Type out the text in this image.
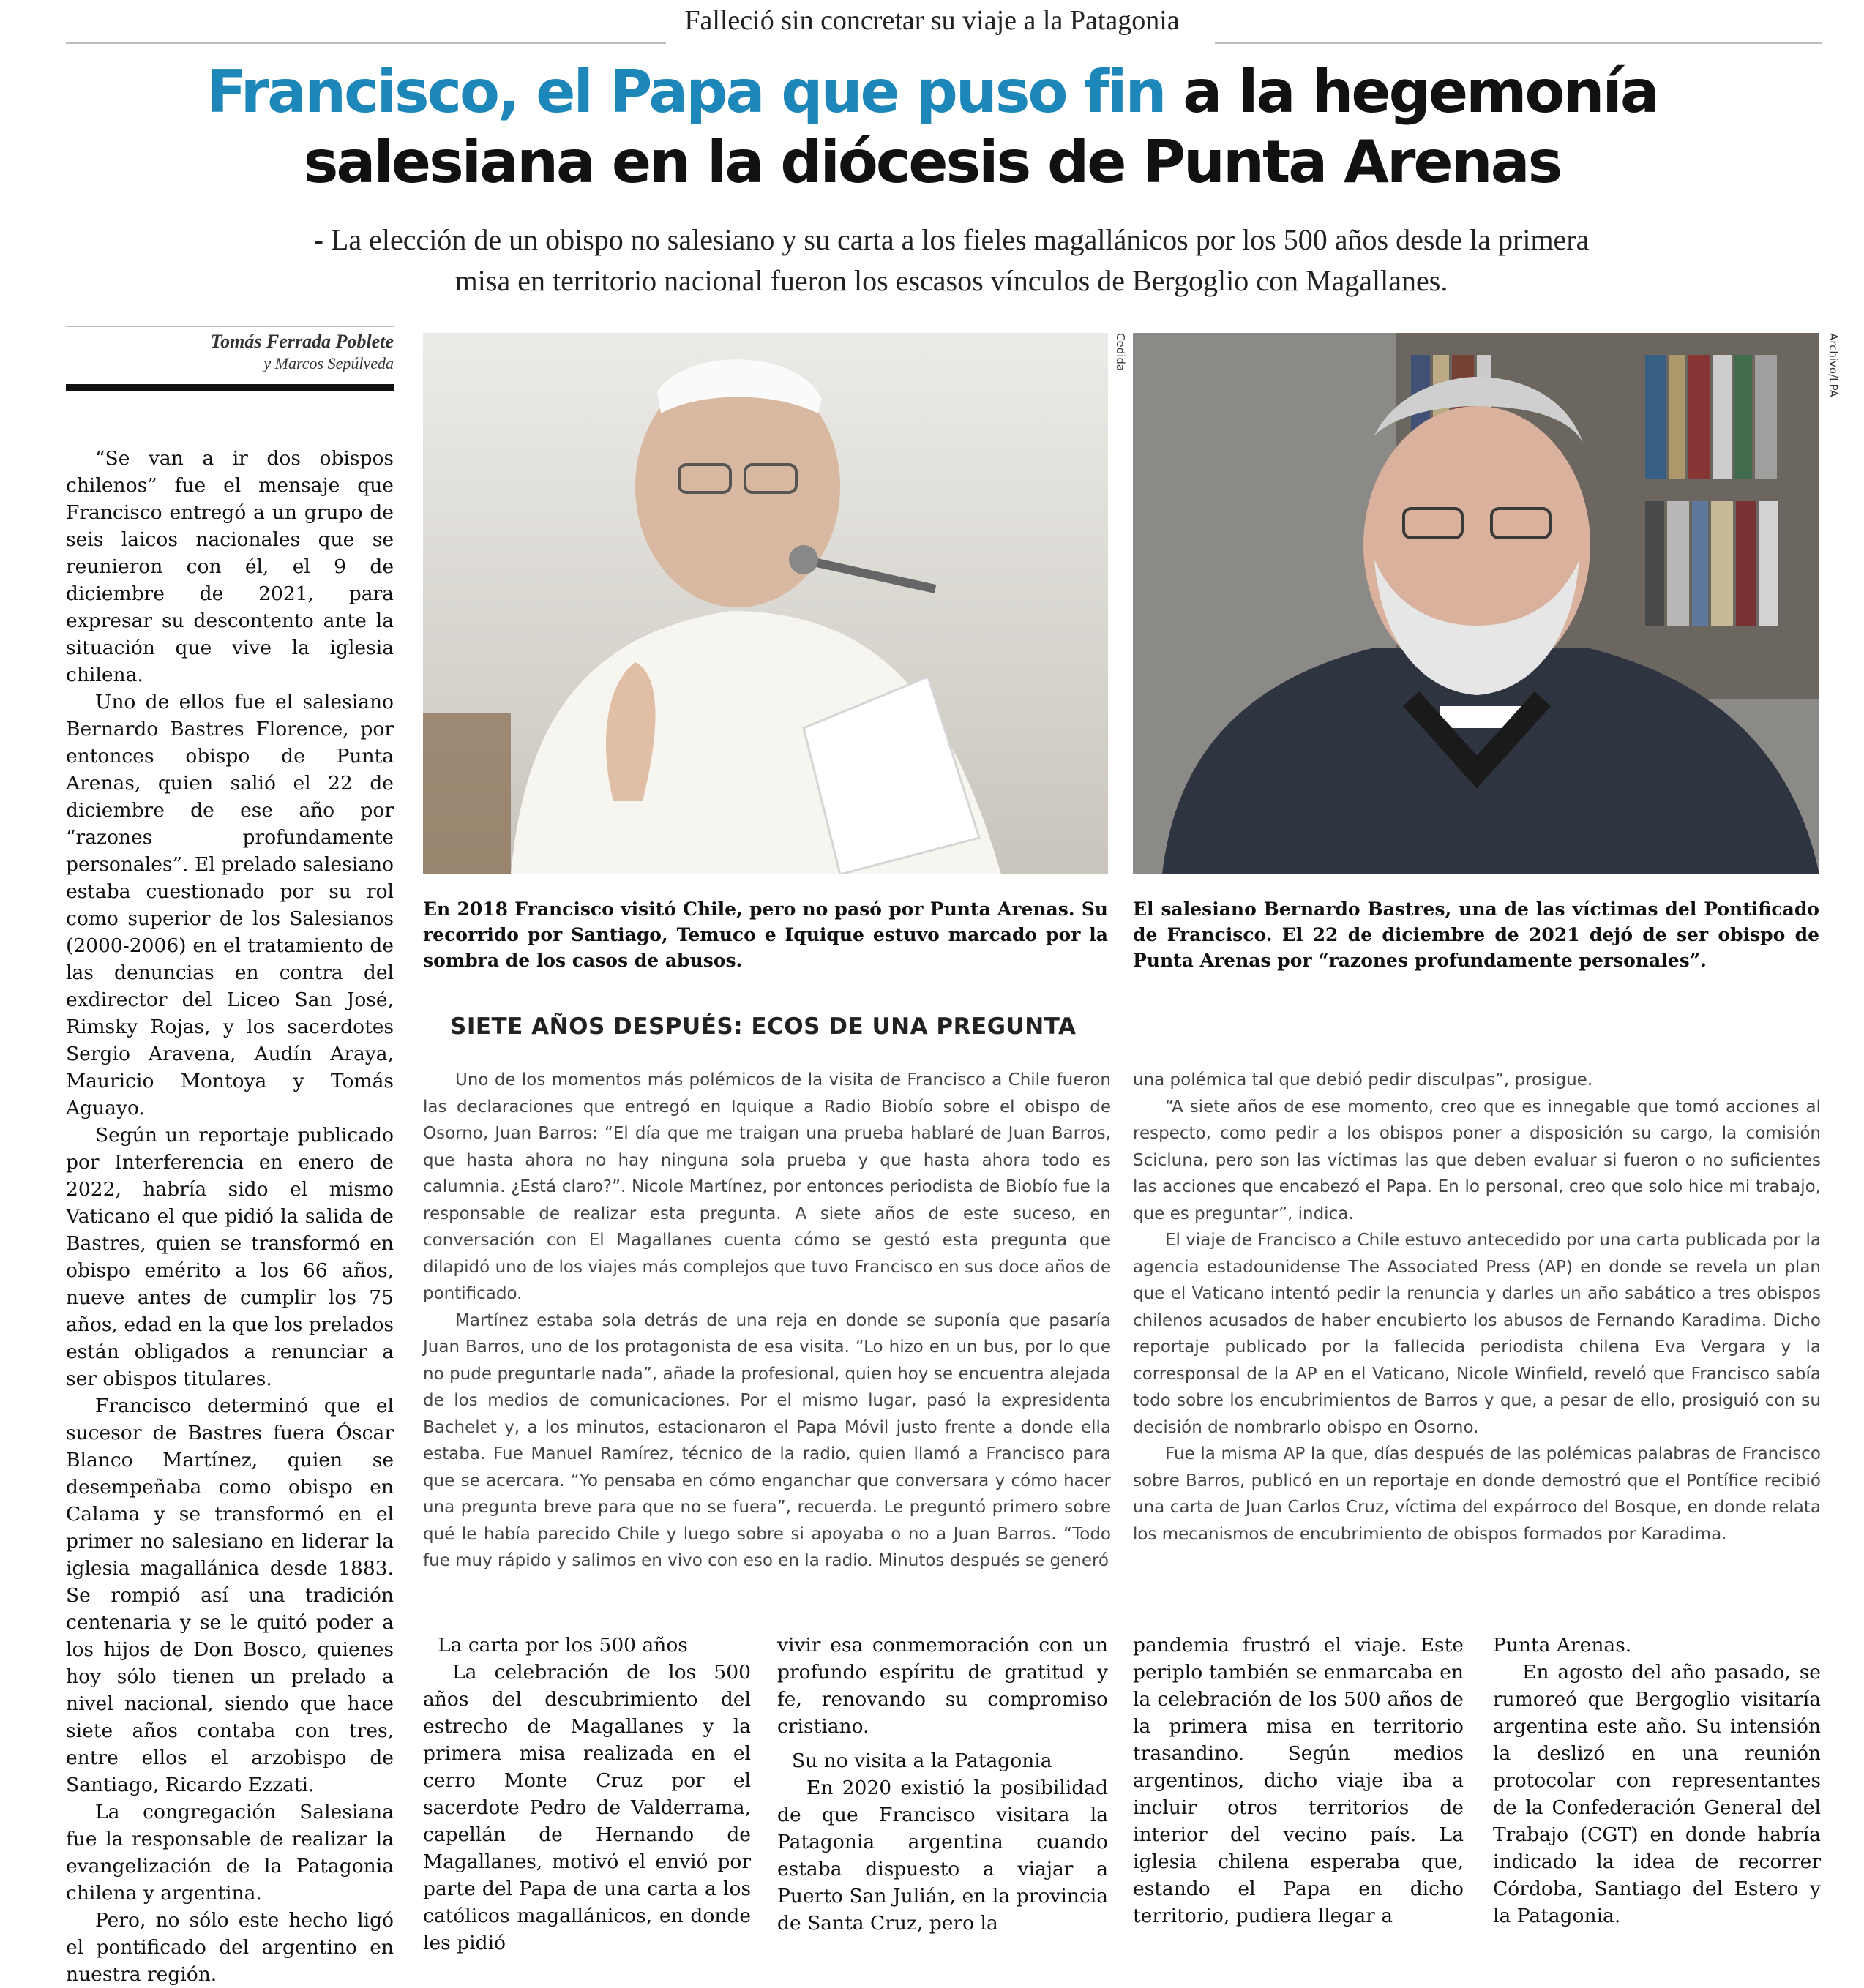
Falleció sin concretar su viaje a la Patagonia
Francisco, el Papa que puso fin a la hegemonía
salesiana en la diócesis de Punta Arenas
- La elección de un obispo no salesiano y su carta a los fieles magallánicos por los 500 años desde la primera misa en territorio nacional fueron los escasos vínculos de Bergoglio con Magallanes.
Tomás Ferrada Poblete
y Marcos Sepúlveda

“Se van a ir dos obispos chilenos” fue el mensaje que Francisco entregó a un grupo de seis laicos nacionales que se reunieron con él, el 9 de diciembre de 2021, para expresar su descontento ante la situación que vive la iglesia chilena.

Uno de ellos fue el salesiano Bernardo Bastres Florence, por entonces obispo de Punta Arenas, quien salió el 22 de diciembre de ese año por “razones profundamente personales”. El prelado salesiano estaba cuestionado por su rol como superior de los Salesianos (2000-2006) en el tratamiento de las denuncias en contra del exdirector del Liceo San José, Rimsky Rojas, y los sacerdotes Sergio Aravena, Audín Araya, Mauricio Montoya y Tomás Aguayo.

Según un reportaje publicado por Interferencia en enero de 2022, habría sido el mismo Vaticano el que pidió la salida de Bastres, quien se transformó en obispo emérito a los 66 años, nueve antes de cumplir los 75 años, edad en la que los prelados están obligados a renunciar a ser obispos titulares.

Francisco determinó que el sucesor de Bastres fuera Óscar Blanco Martínez, quien se desempeñaba como obispo en Calama y se transformó en el primer no salesiano en liderar la iglesia magallánica desde 1883. Se rompió así una tradición centenaria y se le quitó poder a los hijos de Don Bosco, quienes hoy sólo tienen un prelado a nivel nacional, siendo que hace siete años contaba con tres, entre ellos el arzobispo de Santiago, Ricardo Ezzati.

La congregación Salesiana fue la responsable de realizar la evangelización de la Patagonia chilena y argentina.

Pero, no sólo este hecho ligó el pontificado del argentino en nuestra región.

Cedida	Archivo/LPA
En 2018 Francisco visitó Chile, pero no pasó por Punta Arenas. Su recorrido por Santiago, Temuco e Iquique estuvo marcado por la sombra de los casos de abusos.
El salesiano Bernardo Bastres, una de las víctimas del Pontificado de Francisco. El 22 de diciembre de 2021 dejó de ser obispo de Punta Arenas por “razones profundamente personales”.
SIETE AÑOS DESPUÉS: ECOS DE UNA PREGUNTA

Uno de los momentos más polémicos de la visita de Francisco a Chile fueron las declaraciones que entregó en Iquique a Radio Biobío sobre el obispo de Osorno, Juan Barros: “El día que me traigan una prueba hablaré de Juan Barros, que hasta ahora no hay ninguna sola prueba y que hasta ahora todo es calumnia. ¿Está claro?”. Nicole Martínez, por entonces periodista de Biobío fue la responsable de realizar esta pregunta. A siete años de este suceso, en conversación con El Magallanes cuenta cómo se gestó esta pregunta que dilapidó uno de los viajes más complejos que tuvo Francisco en sus doce años de pontificado.

Martínez estaba sola detrás de una reja en donde se suponía que pasaría Juan Barros, uno de los protagonista de esa visita. “Lo hizo en un bus, por lo que no pude preguntarle nada”, añade la profesional, quien hoy se encuentra alejada de los medios de comunicaciones. Por el mismo lugar, pasó la expresidenta Bachelet y, a los minutos, estacionaron el Papa Móvil justo frente a donde ella estaba. Fue Manuel Ramírez, técnico de la radio, quien llamó a Francisco para que se acercara. “Yo pensaba en cómo enganchar que conversara y cómo hacer una pregunta breve para que no se fuera”, recuerda. Le preguntó primero sobre qué le había parecido Chile y luego sobre si apoyaba o no a Juan Barros. “Todo fue muy rápido y salimos en vivo con eso en la radio. Minutos después se generó

una polémica tal que debió pedir disculpas”, prosigue.

“A siete años de ese momento, creo que es innegable que tomó acciones al respecto, como pedir a los obispos poner a disposición su cargo, la comisión Scicluna, pero son las víctimas las que deben evaluar si fueron o no suficientes las acciones que encabezó el Papa. En lo personal, creo que solo hice mi trabajo, que es preguntar”, indica.

El viaje de Francisco a Chile estuvo antecedido por una carta publicada por la agencia estadounidense The Associated Press (AP) en donde se revela un plan que el Vaticano intentó pedir la renuncia y darles un año sabático a tres obispos chilenos acusados de haber encubierto los abusos de Fernando Karadima. Dicho reportaje publicado por la fallecida periodista chilena Eva Vergara y la corresponsal de la AP en el Vaticano, Nicole Winfield, reveló que Francisco sabía todo sobre los encubrimientos de Barros y que, a pesar de ello, prosiguió con su decisión de nombrarlo obispo en Osorno.

Fue la misma AP la que, días después de las polémicas palabras de Francisco sobre Barros, publicó en un reportaje en donde demostró que el Pontífice recibió una carta de Juan Carlos Cruz, víctima del expárroco del Bosque, en donde relata los mecanismos de encubrimiento de obispos formados por Karadima.

La carta por los 500 años

La celebración de los 500 años del descubrimiento del estrecho de Magallanes y la primera misa realizada en el cerro Monte Cruz por el sacerdote Pedro de Valderrama, capellán de Hernando de Magallanes, motivó el envió por parte del Papa de una carta a los católicos magallánicos, en donde les pidió

vivir esa conmemoración con un profundo espíritu de gratitud y fe, renovando su compromiso cristiano.

Su no visita a la Patagonia

En 2020 existió la posibilidad de que Francisco visitara la Patagonia argentina cuando estaba dispuesto a viajar a Puerto San Julián, en la provincia de Santa Cruz, pero la

pandemia frustró el viaje. Este periplo también se enmarcaba en la celebración de los 500 años de la primera misa en territorio trasandino. Según medios argentinos, dicho viaje iba a incluir otros territorios de interior del vecino país. La iglesia chilena esperaba que, estando el Papa en dicho territorio, pudiera llegar a

Punta Arenas.

En agosto del año pasado, se rumoreó que Bergoglio visitaría argentina este año. Su intensión la deslizó en una reunión protocolar con representantes de la Confederación General del Trabajo (CGT) en donde habría indicado la idea de recorrer Córdoba, Santiago del Estero y la Patagonia.
